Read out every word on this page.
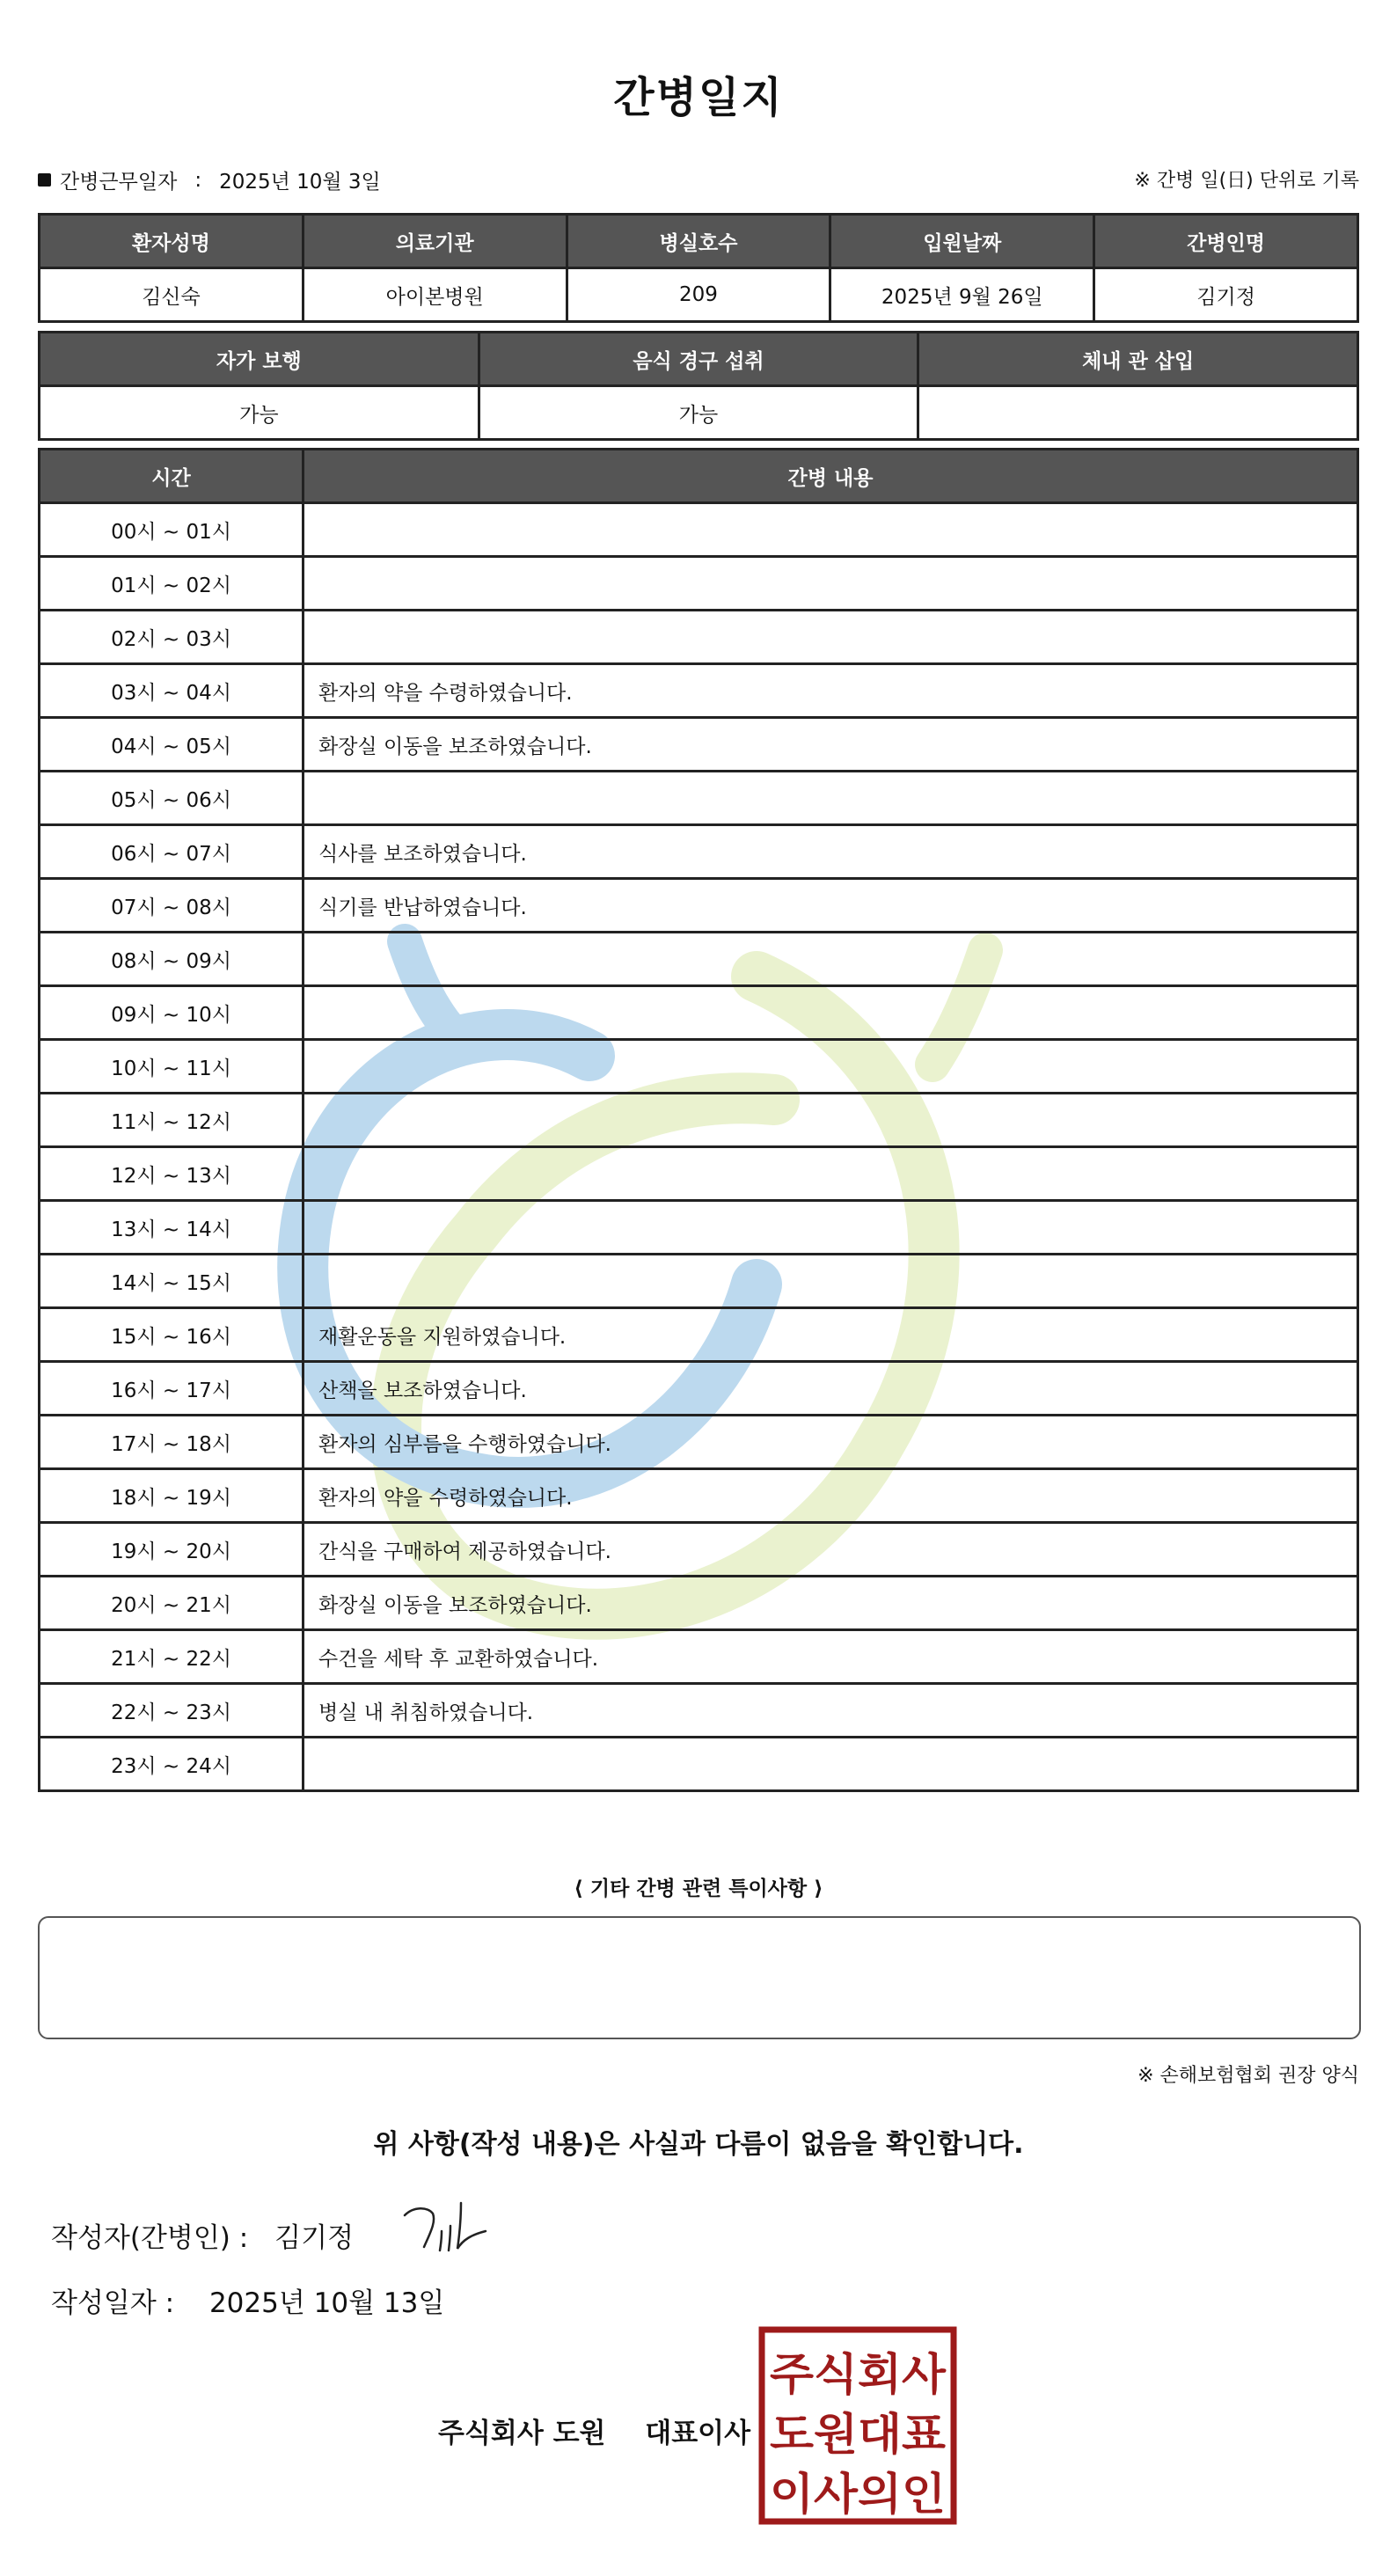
간병일지
간병근무일자 : 2025년 10월 3일	※ 간병 일(日) 단위로 기록
환자성명	의료기관	병실호수	입원날짜	간병인명
김신숙	아이본병원	209	2025년 9월 26일	김기정
자가 보행	음식 경구 섭취	체내 관 삽입
가능	가능	
시간	간병 내용
00시 ~ 01시	
01시 ~ 02시	
02시 ~ 03시	
03시 ~ 04시	환자의 약을 수령하였습니다.
04시 ~ 05시	화장실 이동을 보조하였습니다.
05시 ~ 06시	
06시 ~ 07시	식사를 보조하였습니다.
07시 ~ 08시	식기를 반납하였습니다.
08시 ~ 09시	
09시 ~ 10시	
10시 ~ 11시	
11시 ~ 12시	
12시 ~ 13시	
13시 ~ 14시	
14시 ~ 15시	
15시 ~ 16시	재활운동을 지원하였습니다.
16시 ~ 17시	산책을 보조하였습니다.
17시 ~ 18시	환자의 심부름을 수행하였습니다.
18시 ~ 19시	환자의 약을 수령하였습니다.
19시 ~ 20시	간식을 구매하여 제공하였습니다.
20시 ~ 21시	화장실 이동을 보조하였습니다.
21시 ~ 22시	수건을 세탁 후 교환하였습니다.
22시 ~ 23시	병실 내 취침하였습니다.
23시 ~ 24시	
⟨ 기타 간병 관련 특이사항 ⟩
※ 손해보험협회 권장 양식
위 사항(작성 내용)은 사실과 다름이 없음을 확인합니다.
작성자(간병인) : 김기정
작성일자 : 2025년 10월 13일
주식회사 도원 대표이사
주식회사
도원대표
이사의인
